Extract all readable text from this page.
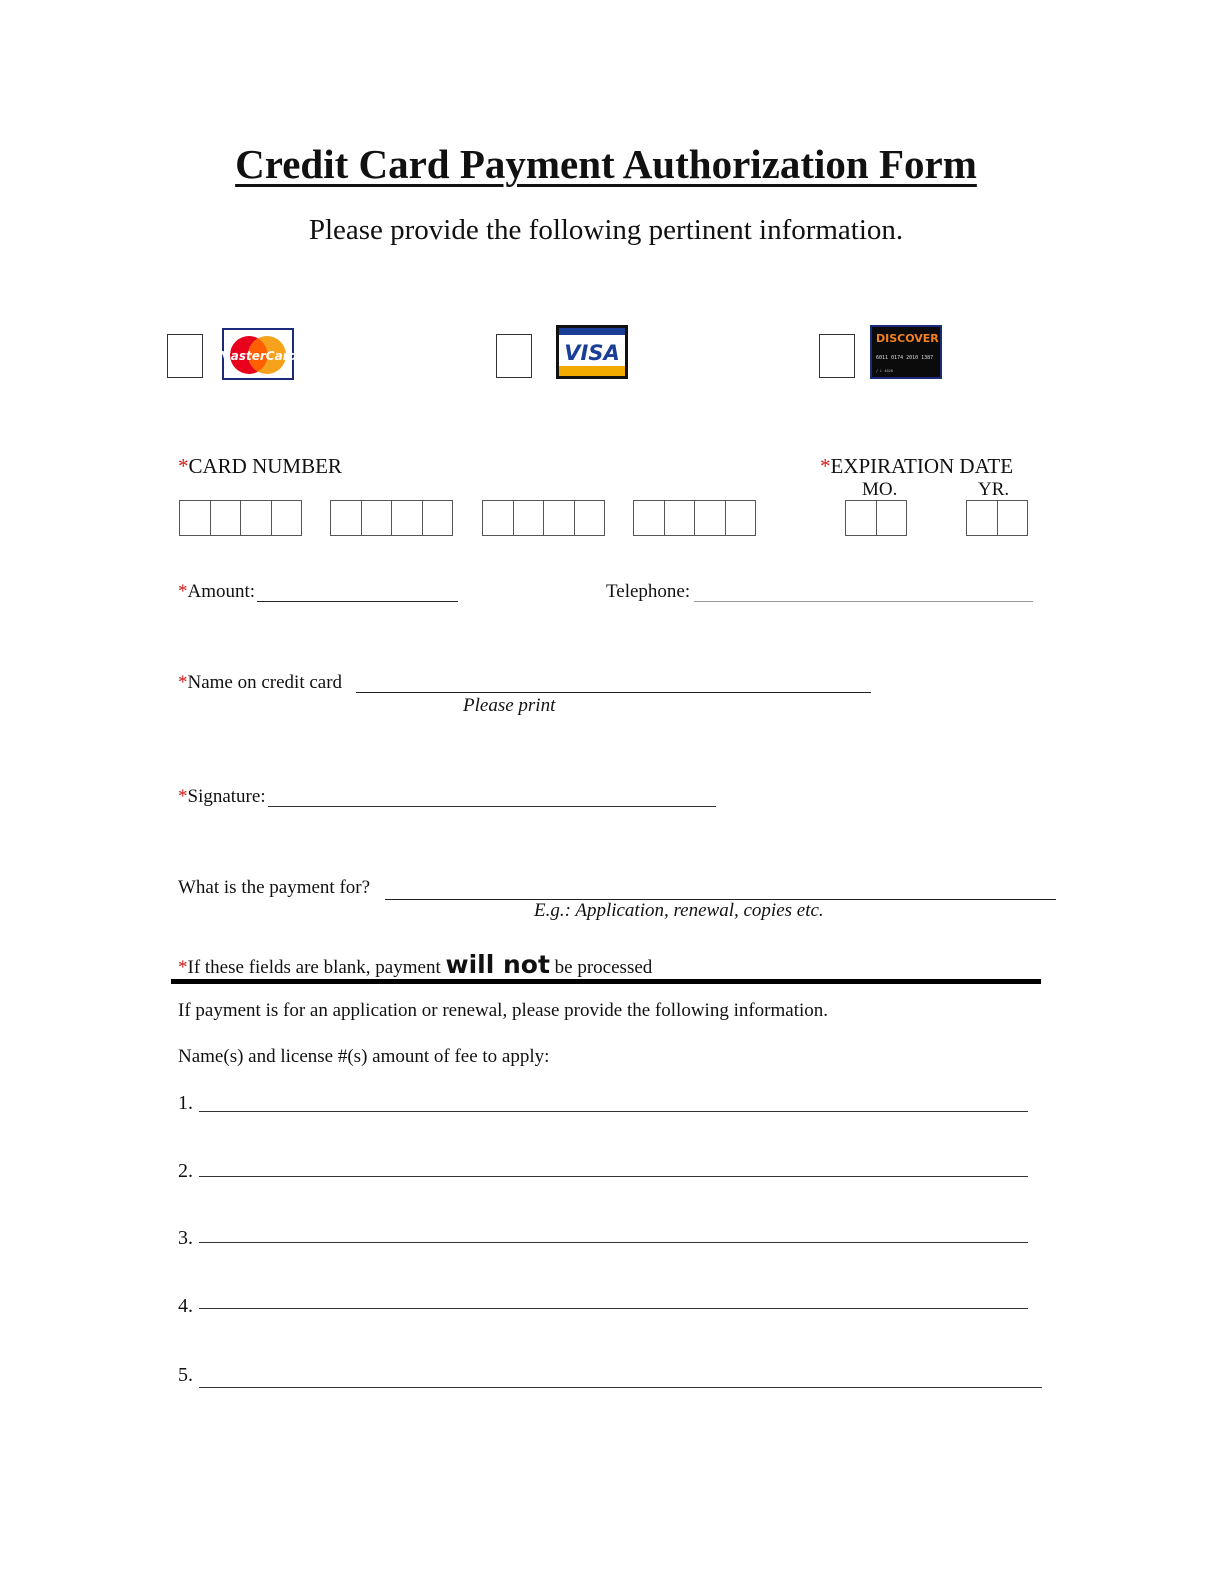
Credit Card Payment Authorization Form
Please provide the following pertinent information.
MasterCard	VISA
DISCOVER
6011 0174 2010 1387
/ L 4020
*CARD NUMBER	*EXPIRATION DATE
MO.	YR.
*Amount:	Telephone:
*Name on credit card
Please print
*Signature:
What is the payment for?
E.g.: Application, renewal, copies etc.
*If these fields are blank, payment will not be processed
If payment is for an application or renewal, please provide the following information.
Name(s) and license #(s) amount of fee to apply:
1.
2.
3.
4.
5.
